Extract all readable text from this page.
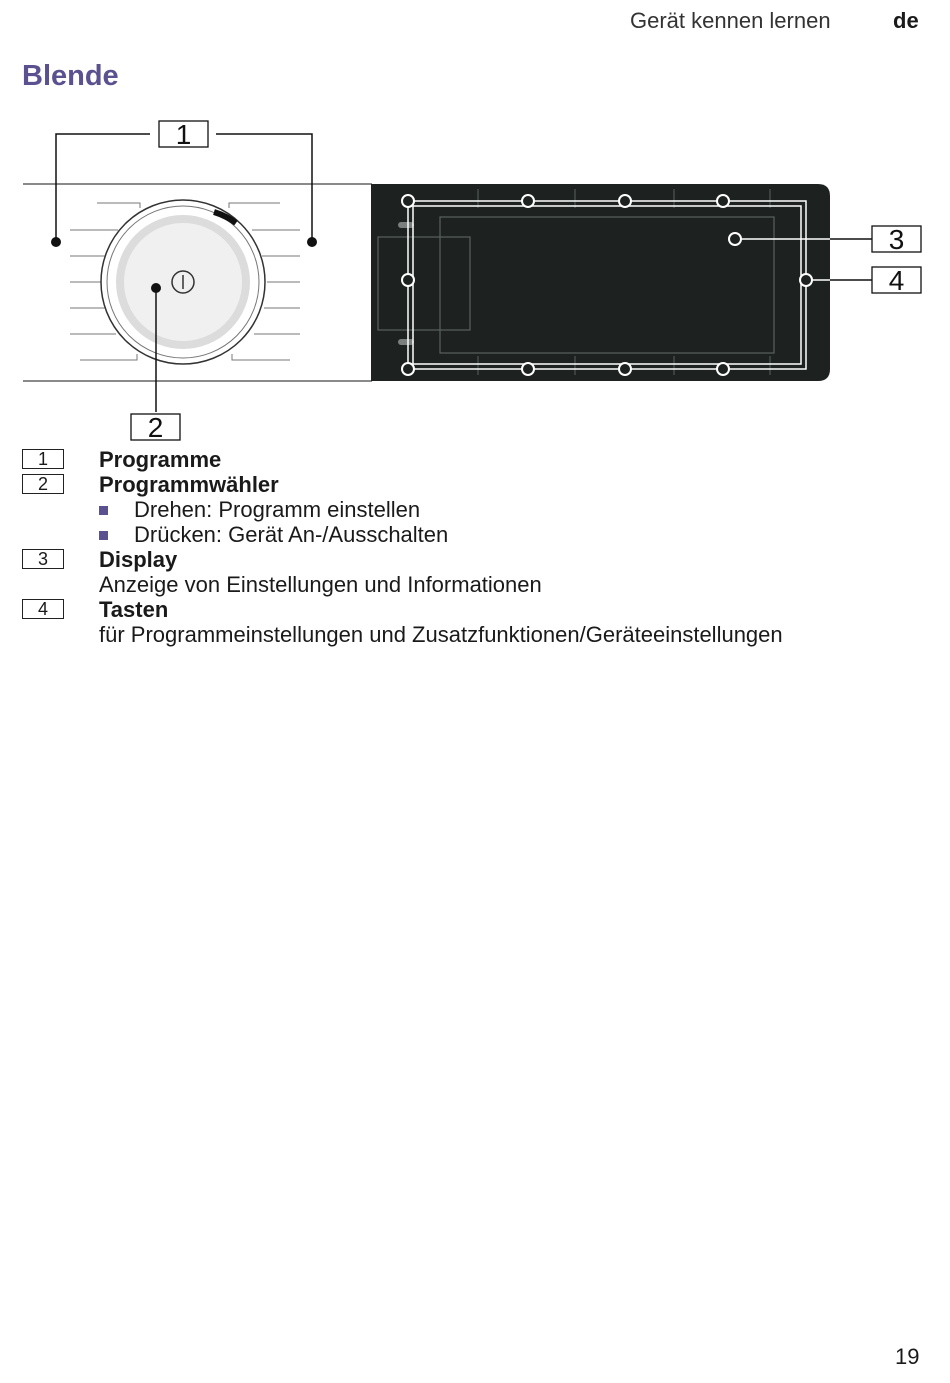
Gerät kennen lernen	de
Blende
1
2
3
4
1	Programme
2	Programmwähler
Drehen: Programm einstellen
Drücken: Gerät An-/Ausschalten
3	Display
Anzeige von Einstellungen und Informationen
4	Tasten
für Programmeinstellungen und Zusatzfunktionen/Geräteeinstellungen
19
